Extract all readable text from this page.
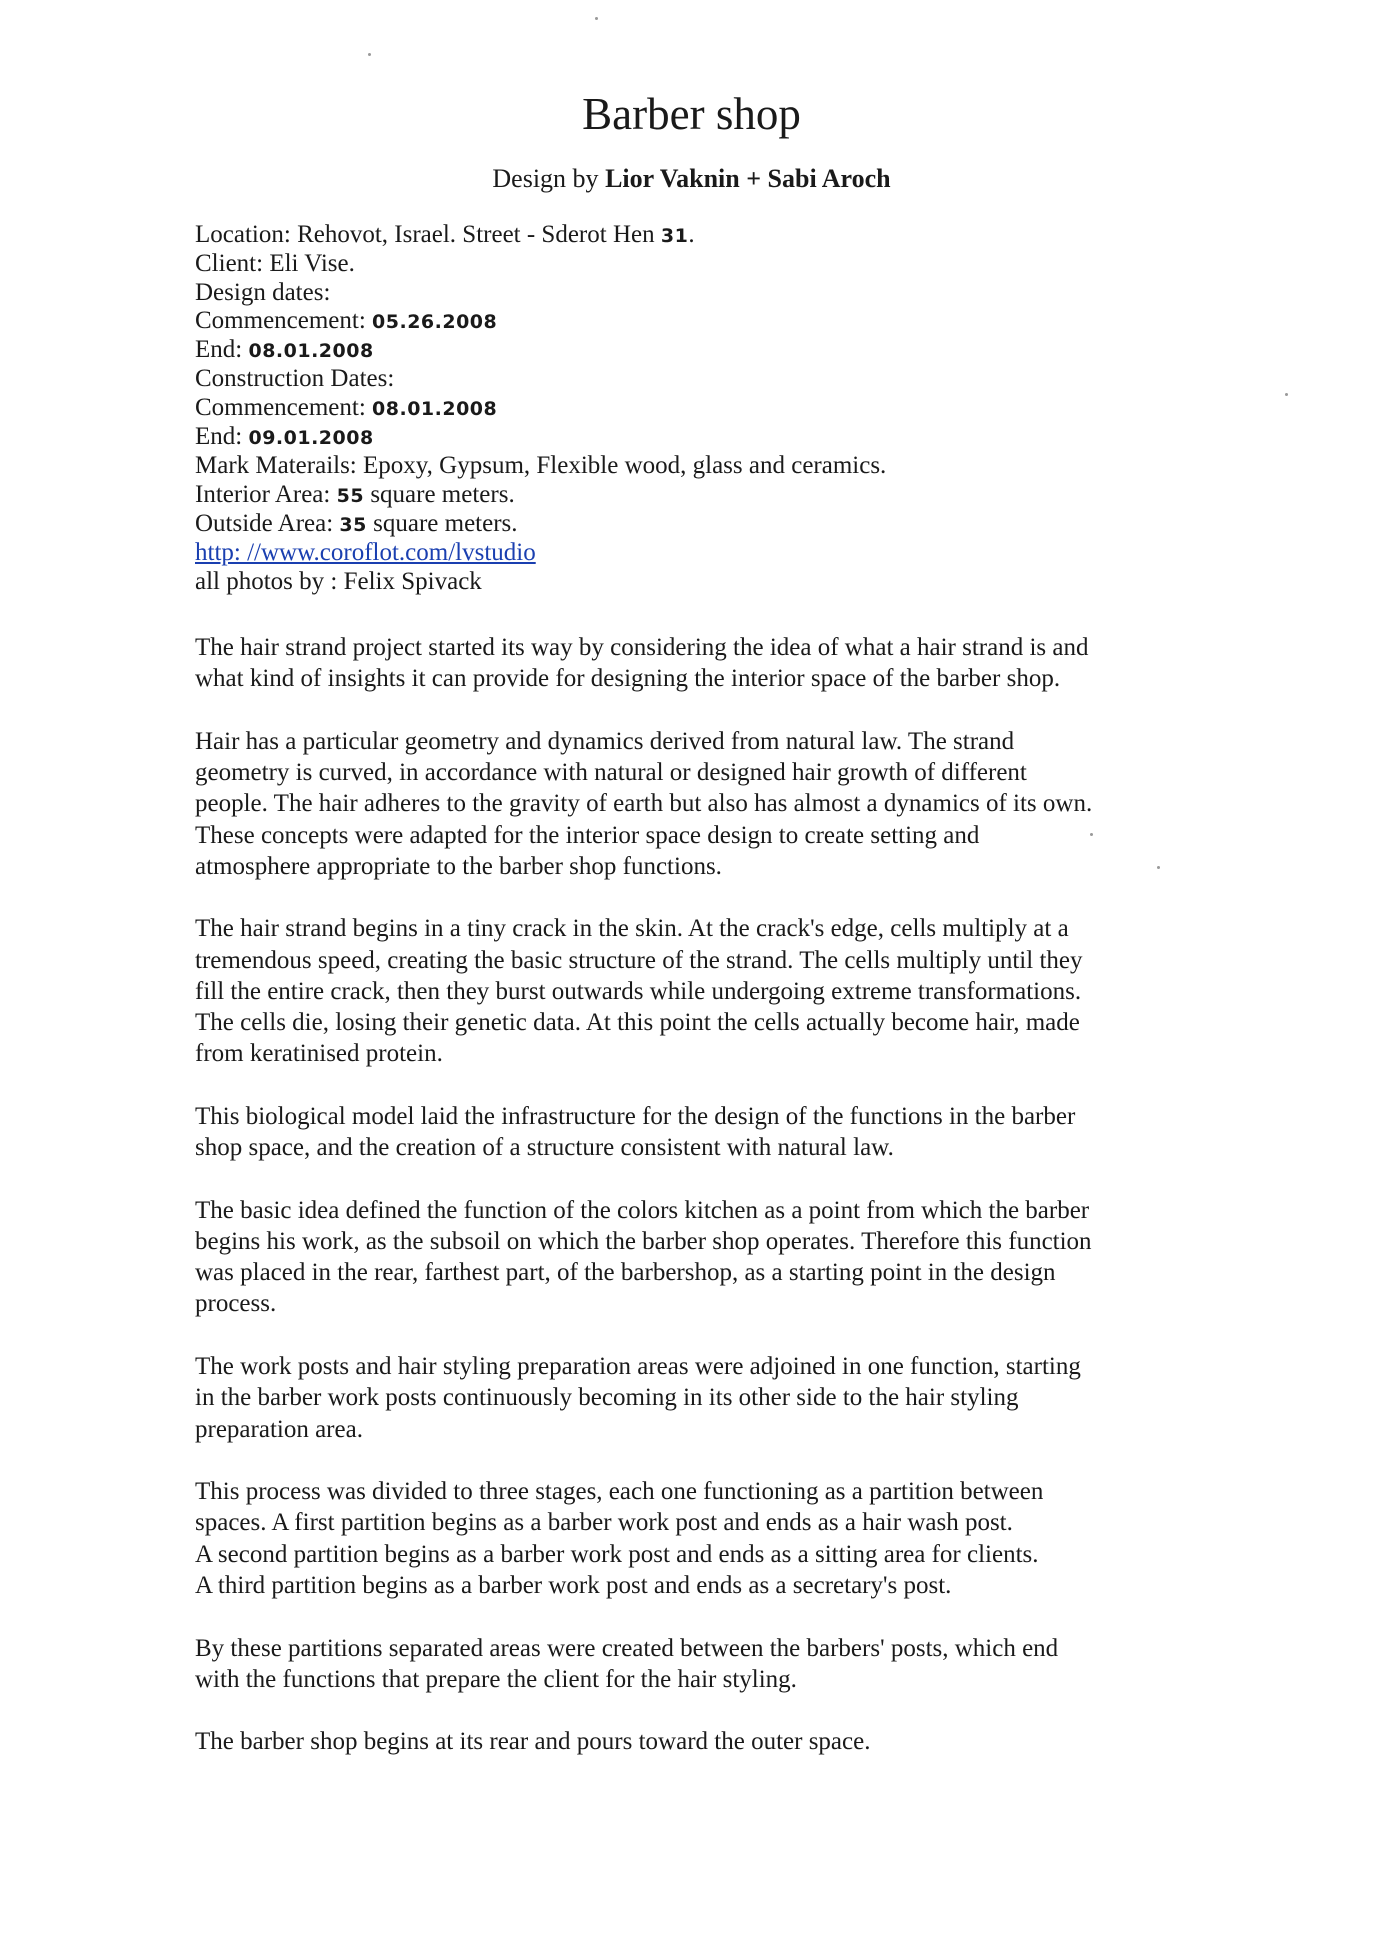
Barber shop
Design by Lior Vaknin + Sabi Aroch
Location: Rehovot, Israel. Street - Sderot Hen 31.
Client: Eli Vise.
Design dates:
Commencement: 05.26.2008
End: 08.01.2008
Construction Dates:
Commencement: 08.01.2008
End: 09.01.2008
Mark Materails: Epoxy, Gypsum, Flexible wood, glass and ceramics.
Interior Area: 55 square meters.
Outside Area: 35 square meters.
http: //www.coroflot.com/lvstudio
all photos by : Felix Spivack

The hair strand project started its way by considering the idea of what a hair strand is and
what kind of insights it can provide for designing the interior space of the barber shop.

Hair has a particular geometry and dynamics derived from natural law. The strand
geometry is curved, in accordance with natural or designed hair growth of different
people. The hair adheres to the gravity of earth but also has almost a dynamics of its own.
These concepts were adapted for the interior space design to create setting and
atmosphere appropriate to the barber shop functions.

The hair strand begins in a tiny crack in the skin. At the crack's edge, cells multiply at a
tremendous speed, creating the basic structure of the strand. The cells multiply until they
fill the entire crack, then they burst outwards while undergoing extreme transformations.
The cells die, losing their genetic data. At this point the cells actually become hair, made
from keratinised protein.

This biological model laid the infrastructure for the design of the functions in the barber
shop space, and the creation of a structure consistent with natural law.

The basic idea defined the function of the colors kitchen as a point from which the barber
begins his work, as the subsoil on which the barber shop operates. Therefore this function
was placed in the rear, farthest part, of the barbershop, as a starting point in the design
process.

The work posts and hair styling preparation areas were adjoined in one function, starting
in the barber work posts continuously becoming in its other side to the hair styling
preparation area.

This process was divided to three stages, each one functioning as a partition between
spaces. A first partition begins as a barber work post and ends as a hair wash post.
A second partition begins as a barber work post and ends as a sitting area for clients.
A third partition begins as a barber work post and ends as a secretary's post.

By these partitions separated areas were created between the barbers' posts, which end
with the functions that prepare the client for the hair styling.

The barber shop begins at its rear and pours toward the outer space.
